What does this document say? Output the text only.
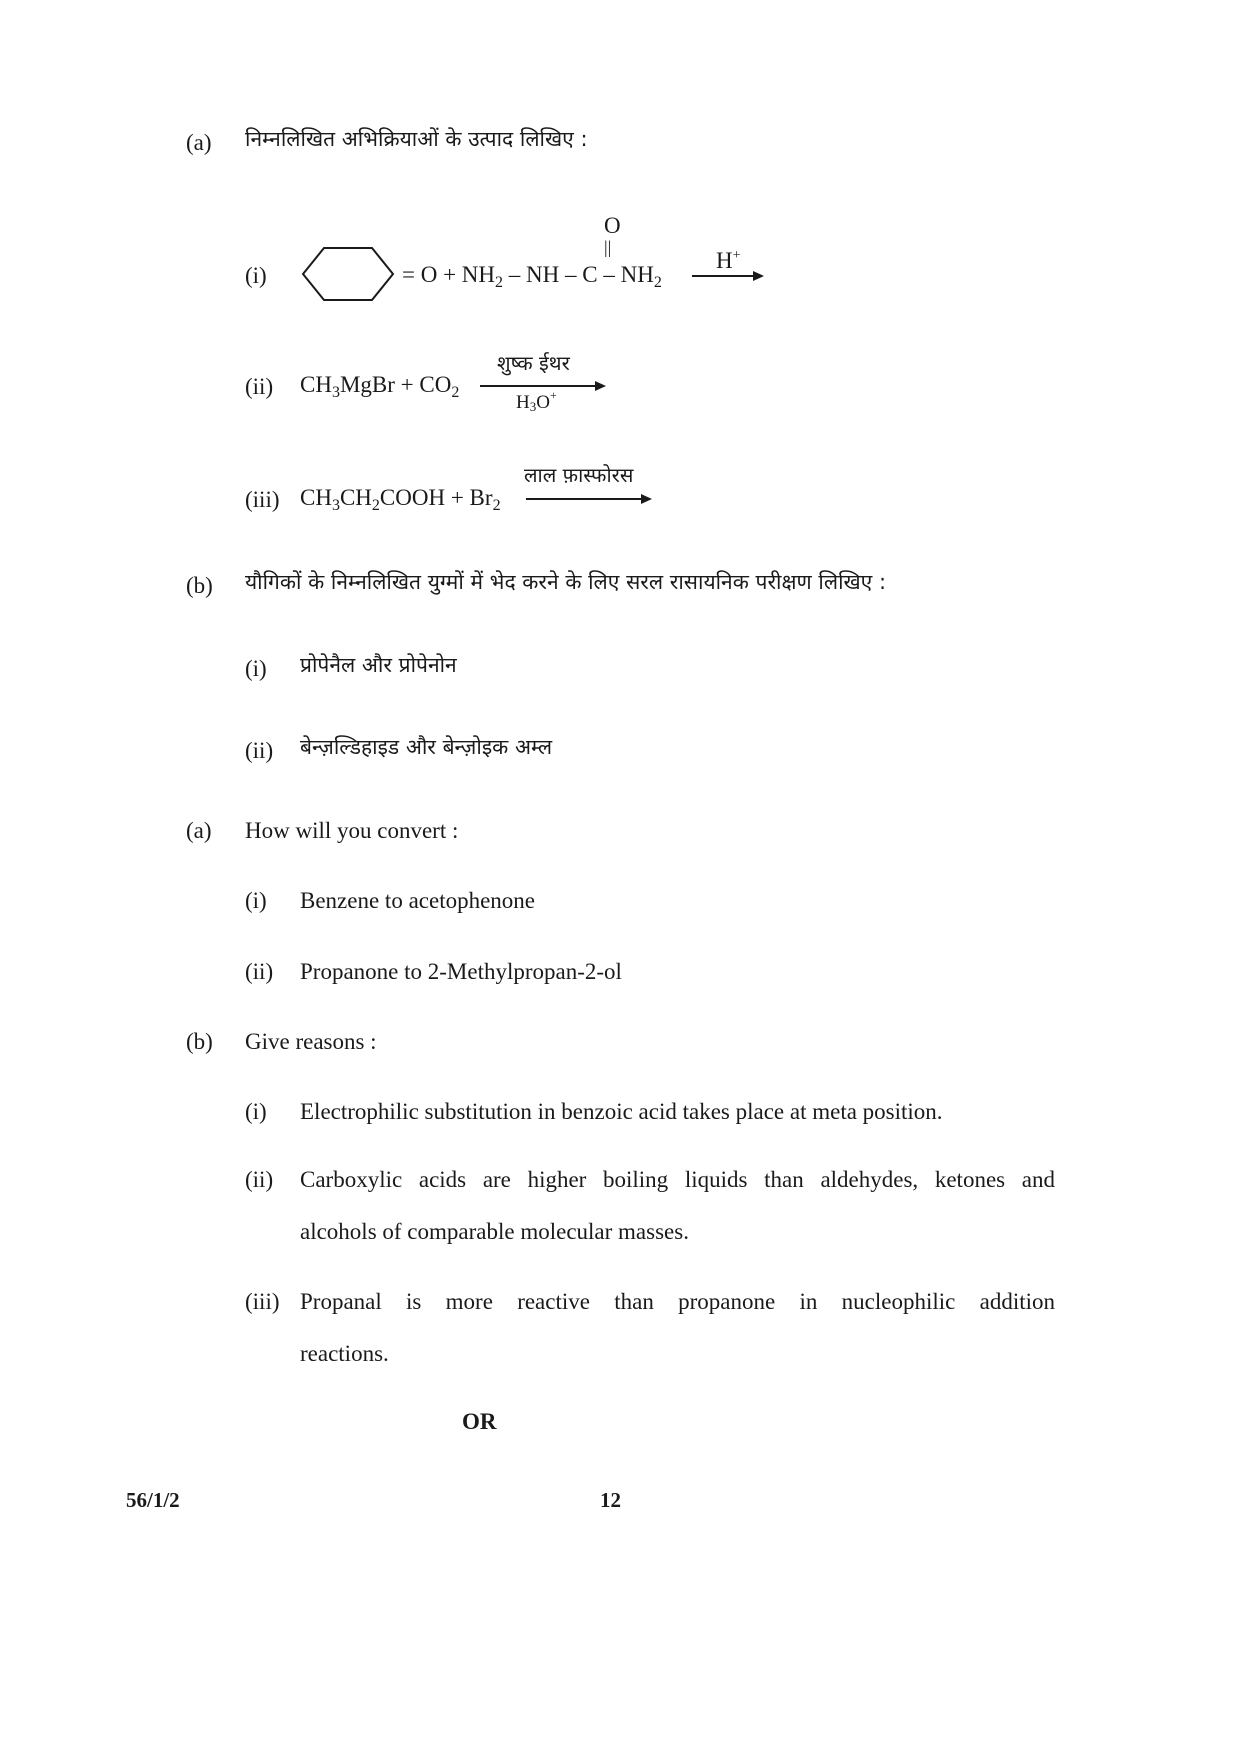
(a) निम्नलिखित अभिक्रियाओं के उत्पाद लिखिए :
(i)
O
||
= $O + NH_2$ – NH – C – $NH_2$
H+
(ii) $CH_3MgBr + CO_2$
शुष्क ईथर
$H_3O^+$
(iii) $CH_3CH_2COOH + Br_2$
लाल फ़ास्फोरस
(b) यौगिकों के निम्नलिखित युग्मों में भेद करने के लिए सरल रासायनिक परीक्षण लिखिए :
(i) प्रोपेनैल और प्रोपेनोन
(ii) बेन्ज़ल्डिहाइड और बेन्ज़ोइक अम्ल
(a) How will you convert :
(i) Benzene to acetophenone
(ii) Propanone to 2-Methylpropan-2-ol
(b) Give reasons :
(i) Electrophilic substitution in benzoic acid takes place at meta position.
(ii) Carboxylic acids are higher boiling liquids than aldehydes, ketones and
alcohols of comparable molecular masses.
(iii) Propanal is more reactive than propanone in nucleophilic addition
reactions.
OR
56/1/2	12
